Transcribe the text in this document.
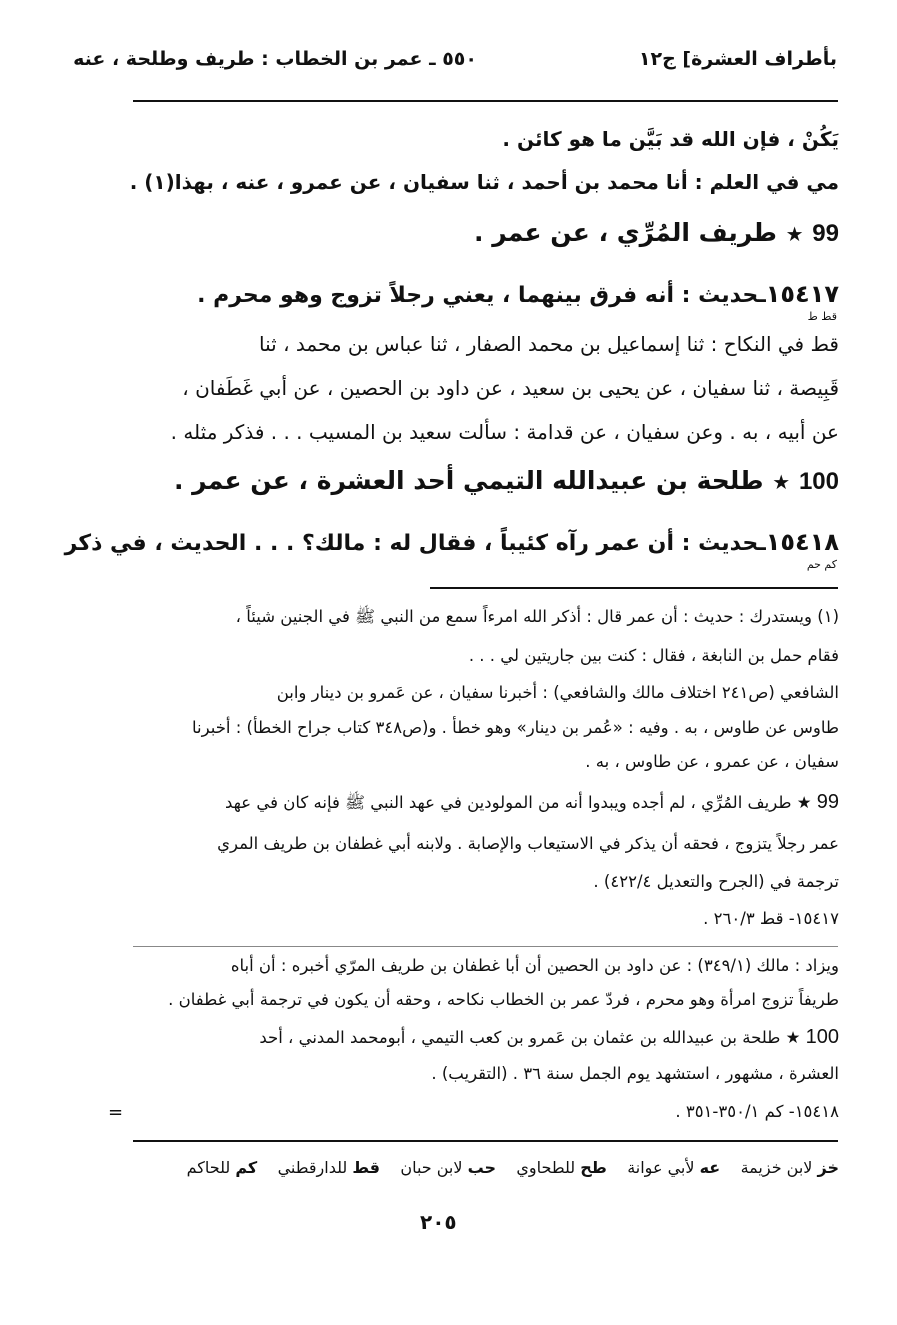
بأطراف العشرة] ج١٢
٥٥٠ ـ عمر بن الخطاب : طريف وطلحة ، عنه
يَكُنْ ، فإن الله قد بَيَّن ما هو كائن .
مي في العلم : أنا محمد بن أحمد ، ثنا سفيان ، عن عمرو ، عنه ، بهذا(١) .
99 ★ طريف المُرِّي ، عن عمر .
١٥٤١٧ـحديث : أنه فرق بينهما ، يعني رجلاً تزوج وهو محرم .
قط ط
قط في النكاح : ثنا إسماعيل بن محمد الصفار ، ثنا عباس بن محمد ، ثنا
قَبِيصة ، ثنا سفيان ، عن يحيى بن سعيد ، عن داود بن الحصين ، عن أبي غَطَفان ،
عن أبيه ، به . وعن سفيان ، عن قدامة : سألت سعيد بن المسيب . . . فذكر مثله .
100 ★ طلحة بن عبيدالله التيمي أحد العشرة ، عن عمر .
١٥٤١٨ـحديث : أن عمر رآه كئيباً ، فقال له : مالك؟ . . . الحديث ، في ذكر
كم حم
(١) ويستدرك : حديث : أن عمر قال : أذكر الله امرءاً سمع من النبي ﷺ في الجنين شيئاً ،
فقام حمل بن النابغة ، فقال : كنت بين جاريتين لي . . .
الشافعي (ص٢٤١ اختلاف مالك والشافعي) : أخبرنا سفيان ، عن عَمرو بن دينار وابن
طاوس عن طاوس ، به . وفيه : «عُمر بن دينار» وهو خطأ . و(ص٣٤٨ كتاب جراح الخطأ) : أخبرنا
سفيان ، عن عمرو ، عن طاوس ، به .
99 ★ طريف المُرِّي ، لم أجده ويبدوا أنه من المولودين في عهد النبي ﷺ فإنه كان في عهد
عمر رجلاً يتزوج ، فحقه أن يذكر في الاستيعاب والإصابة . ولابنه أبي غطفان بن طريف المري
ترجمة في (الجرح والتعديل ٤٢٢/٤) .
١٥٤١٧- قط ٢٦٠/٣ .
ويزاد : مالك (٣٤٩/١) : عن داود بن الحصين أن أبا غطفان بن طريف المرّي أخبره : أن أباه
طريفاً تزوج امرأة وهو محرم ، فردّ عمر بن الخطاب نكاحه ، وحقه أن يكون في ترجمة أبي غطفان .
100 ★ طلحة بن عبيدالله بن عثمان بن عَمرو بن كعب التيمي ، أبومحمد المدني ، أحد
العشرة ، مشهور ، استشهد يوم الجمل سنة ٣٦ . (التقريب) .
١٥٤١٨- كم ٣٥٠/١-٣٥١ .
=
خز لابن خزيمة    عه لأبي عوانة    طح للطحاوي    حب لابن حبان    قط للدارقطني    كم للحاكم
٢٠٥
